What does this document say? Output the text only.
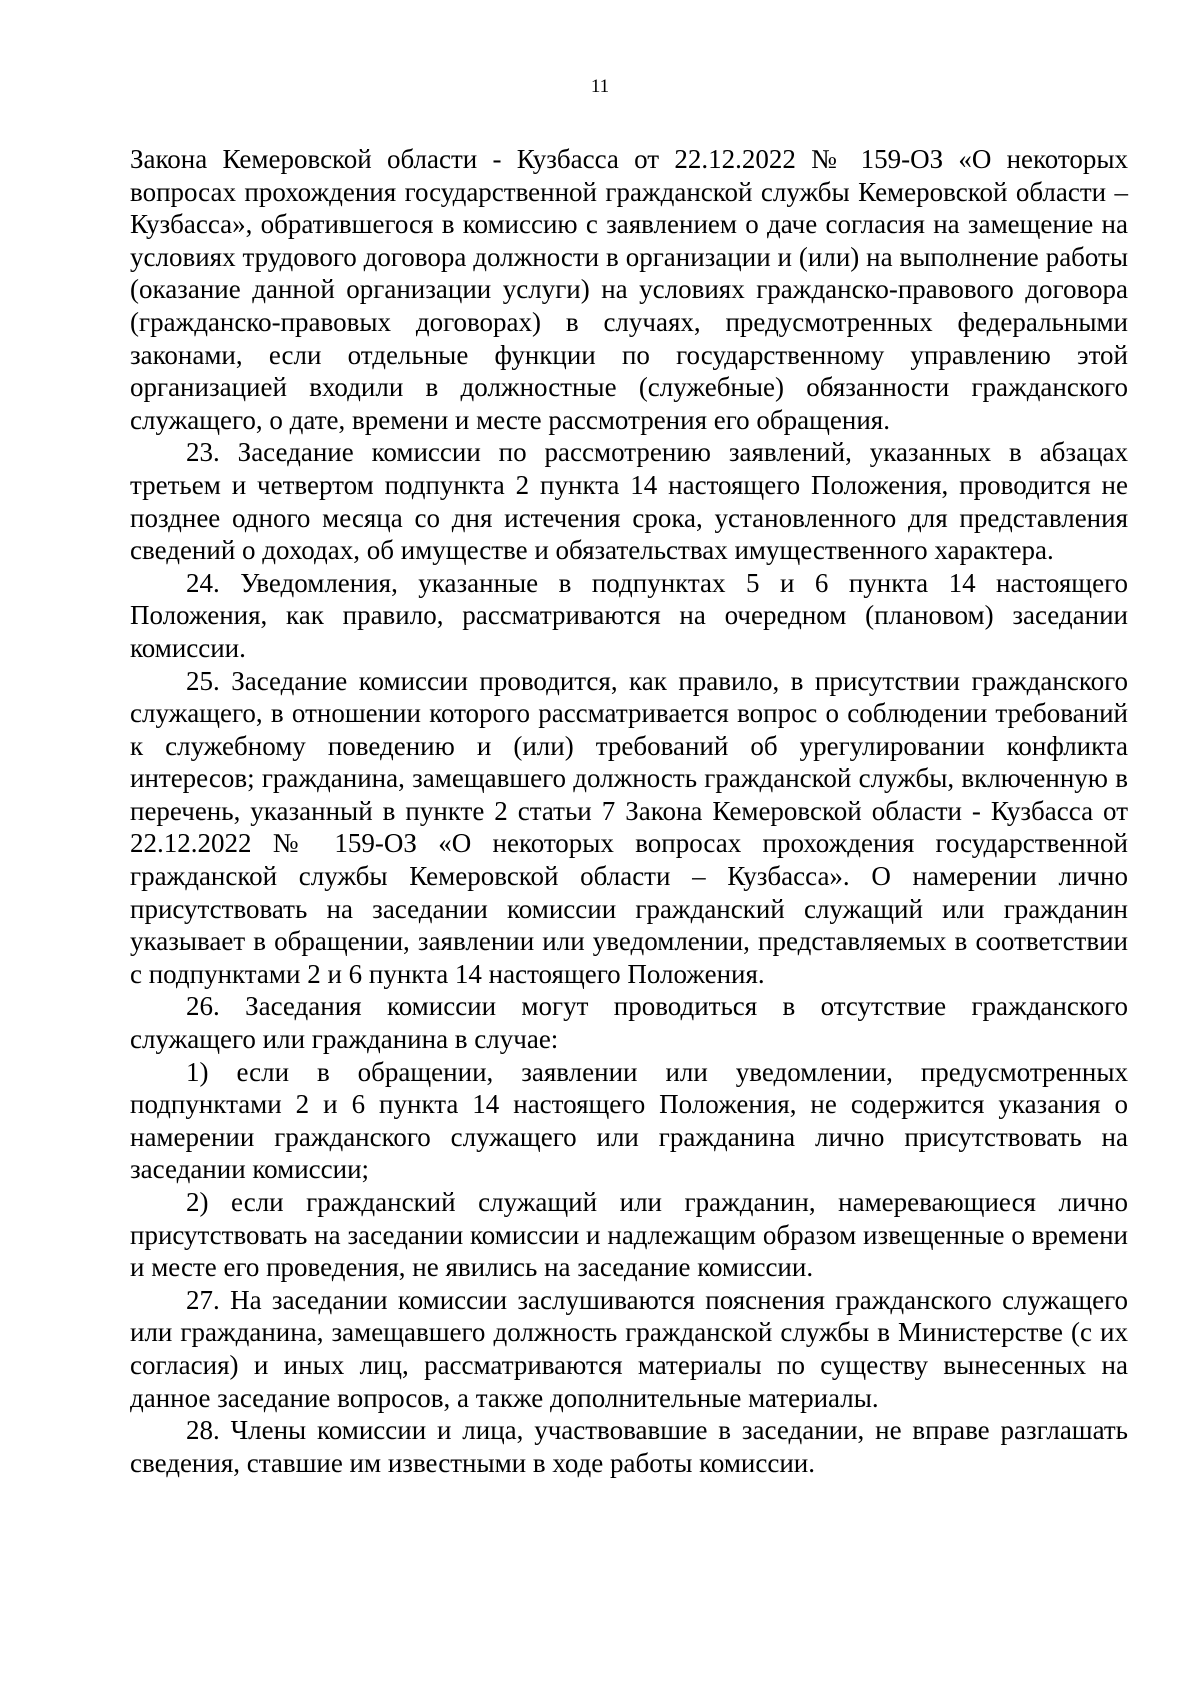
11

Закона Кемеровской области - Кузбасса от 22.12.2022 № 159-ОЗ «О некоторых вопросах прохождения государственной гражданской службы Кемеровской области – Кузбасса», обратившегося в комиссию с заявлением о даче согласия на замещение на условиях трудового договора должности в организации и (или) на выполнение работы (оказание данной организации услуги) на условиях гражданско-правового договора (гражданско-правовых договорах) в случаях, предусмотренных федеральными законами, если отдельные функции по государственному управлению этой организацией входили в должностные (служебные) обязанности гражданского служащего, о дате, времени и месте рассмотрения его обращения.

23. Заседание комиссии по рассмотрению заявлений, указанных в абзацах третьем и четвертом подпункта 2 пункта 14 настоящего Положения, проводится не позднее одного месяца со дня истечения срока, установленного для представления сведений о доходах, об имуществе и обязательствах имущественного характера.

24. Уведомления, указанные в подпунктах 5 и 6 пункта 14 настоящего Положения, как правило, рассматриваются на очередном (плановом) заседании комиссии.

25. Заседание комиссии проводится, как правило, в присутствии гражданского служащего, в отношении которого рассматривается вопрос о соблюдении требований к служебному поведению и (или) требований об урегулировании конфликта интересов; гражданина, замещавшего должность гражданской службы, включенную в перечень, указанный в пункте 2 статьи 7 Закона Кемеровской области - Кузбасса от 22.12.2022 № 159-ОЗ «О некоторых вопросах прохождения государственной гражданской службы Кемеровской области – Кузбасса». О намерении лично присутствовать на заседании комиссии гражданский служащий или гражданин указывает в обращении, заявлении или уведомлении, представляемых в соответствии с подпунктами 2 и 6 пункта 14 настоящего Положения.

26. Заседания комиссии могут проводиться в отсутствие гражданского служащего или гражданина в случае:

1) если в обращении, заявлении или уведомлении, предусмотренных подпунктами 2 и 6 пункта 14 настоящего Положения, не содержится указания о намерении гражданского служащего или гражданина лично присутствовать на заседании комиссии;

2) если гражданский служащий или гражданин, намеревающиеся лично присутствовать на заседании комиссии и надлежащим образом извещенные о времени и месте его проведения, не явились на заседание комиссии.

27. На заседании комиссии заслушиваются пояснения гражданского служащего или гражданина, замещавшего должность гражданской службы в Министерстве (с их согласия) и иных лиц, рассматриваются материалы по существу вынесенных на данное заседание вопросов, а также дополнительные материалы.

28. Члены комиссии и лица, участвовавшие в заседании, не вправе разглашать сведения, ставшие им известными в ходе работы комиссии.
